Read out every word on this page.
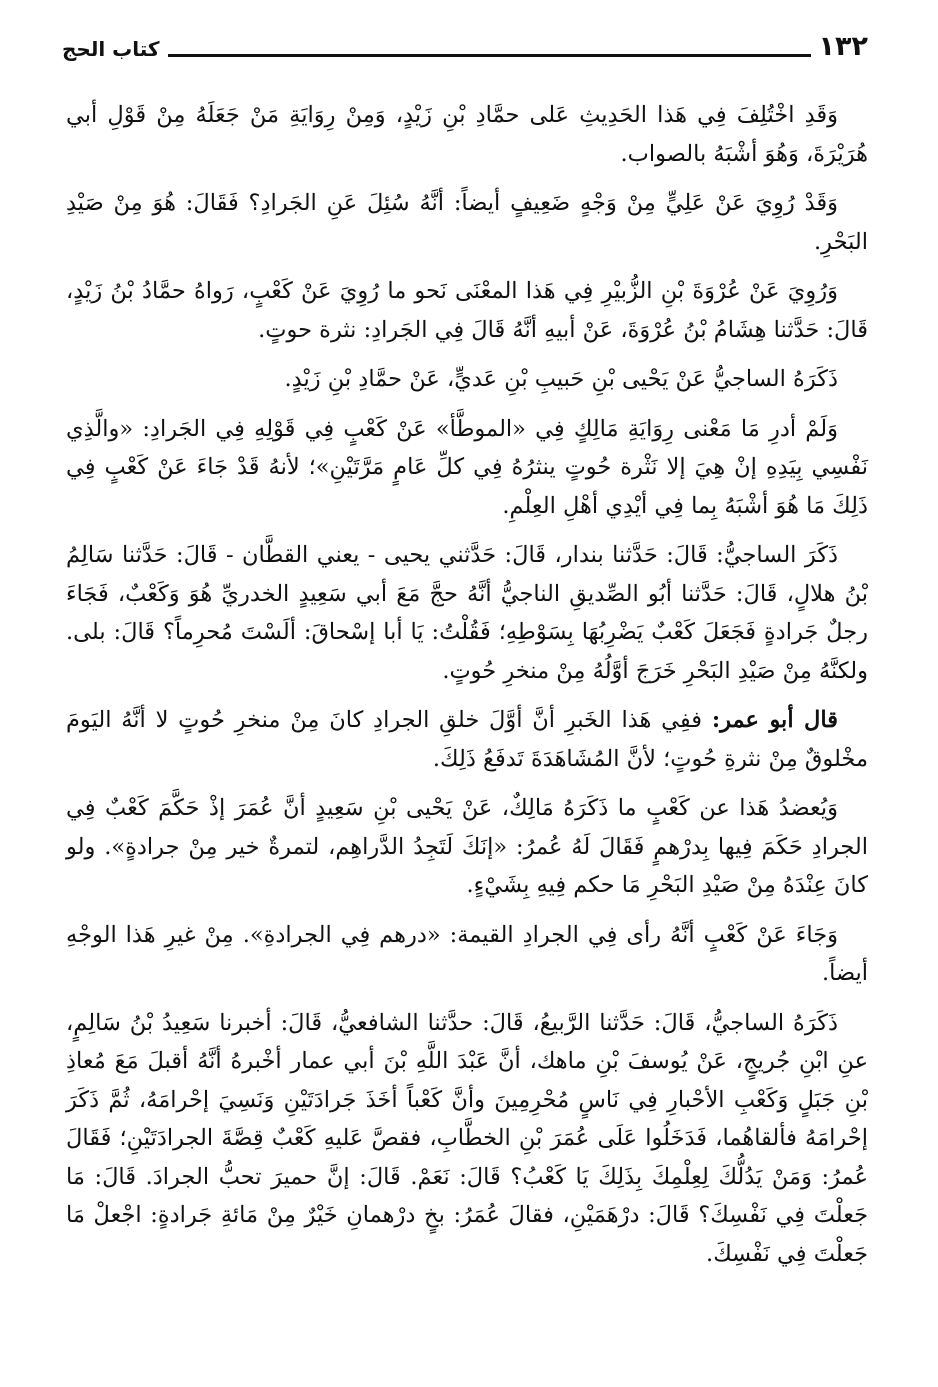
١٣٢
كتاب الحج

وَقَدِ اخْتُلِفَ فِي هَذا الحَدِيثِ عَلى حمَّادِ بْنِ زَيْدٍ، وَمِنْ رِوَايَةِ مَنْ جَعَلَهُ مِنْ قَوْلِ أبي هُرَيْرَةَ، وَهُوَ أشْبَهُ بالصواب.

وَقَدْ رُوِيَ عَنْ عَلِيٍّ مِنْ وَجْهٍ ضَعِيفٍ أيضاً: أنَّهُ سُئِلَ عَنِ الجَرادِ؟ فَقَالَ: هُوَ مِنْ صَيْدِ البَحْرِ.

وَرُوِيَ عَنْ عُرْوَةَ بْنِ الزُّبيْرِ فِي هَذا المعْنَى نَحو ما رُوِيَ عَنْ كَعْبٍ، رَواهُ حمَّادُ بْنُ زَيْدٍ، قَالَ: حَدَّثنا هِشَامُ بْنُ عُرْوَةَ، عَنْ أبيهِ أنَّهُ قَالَ فِي الجَرادِ: نثرة حوتٍ.

ذَكَرَهُ الساجيُّ عَنْ يَحْيى بْنِ حَبيبِ بْنِ عَديٍّ، عَنْ حمَّادِ بْنِ زَيْدٍ.

وَلَمْ أدرِ مَا مَعْنى رِوَايَةِ مَالِكٍ فِي «الموطَّأ» عَنْ كَعْبٍ فِي قَوْلِهِ فِي الجَرادِ: «والَّذِي نَفْسِي بِيَدِهِ إنْ هِيَ إلا نَثْرة حُوتٍ ينثرُهُ فِي كلِّ عَامٍ مَرَّتَيْنِ»؛ لأنهُ قَدْ جَاءَ عَنْ كَعْبٍ فِي ذَلِكَ مَا هُوَ أشْبَهُ بِما فِي أيْدِي أهْلِ العِلْمِ.

ذَكَرَ الساجيُّ: قَالَ: حَدَّثنا بندار، قَالَ: حَدَّثني يحيى - يعني القطَّان - قَالَ: حَدَّثنا سَالِمُ بْنُ هلالٍ، قَالَ: حَدَّثنا أبُو الصِّديقِ الناجيُّ أنَّهُ حجَّ مَعَ أبي سَعِيدٍ الخدريِّ هُوَ وَكَعْبٌ، فَجَاءَ رجلٌ جَرادةٍ فَجَعَلَ كَعْبٌ يَضْرِبُهَا بِسَوْطِهِ؛ فَقُلْتُ: يَا أبا إسْحاقَ: ألَسْتَ مُحرِماً؟ قَالَ: بلى. ولكنَّهُ مِنْ صَيْدِ البَحْرِ خَرَجَ أوَّلُهُ مِنْ منخرِ حُوتٍ.

قال أبو عمر: ففِي هَذا الخَبرِ أنَّ أوَّلَ خلقِ الجرادِ كانَ مِنْ منخرِ حُوتٍ لا أنَّهُ اليَومَ مخْلوقٌ مِنْ نثرةِ حُوتٍ؛ لأنَّ المُشَاهَدَةَ تَدفَعُ ذَلِكَ.

وَيُعضدُ هَذا عن كَعْبٍ ما ذَكَرَهُ مَالِكٌ، عَنْ يَحْيى بْنِ سَعِيدٍ أنَّ عُمَرَ إذْ حَكَّمَ كَعْبٌ فِي الجرادِ حَكَمَ فِيها بِدرْهمٍ فَقَالَ لَهُ عُمرُ: «إنَكَ لَتَجِدُ الدَّراهِم، لتمرةٌ خير مِنْ جرادةٍ». ولو كانَ عِنْدَهُ مِنْ صَيْدِ البَحْرِ مَا حكم فِيهِ بِشَيْءٍ.

وَجَاءَ عَنْ كَعْبٍ أنَّهُ رأى فِي الجرادِ القيمة: «درهم فِي الجرادةِ». مِنْ غيرِ هَذا الوجْهِ أيضاً.

ذَكَرَهُ الساجيُّ، قَالَ: حَدَّثنا الرَّبيعُ، قَالَ: حدَّثنا الشافعيُّ، قَالَ: أخبرنا سَعِيدُ بْنُ سَالِمٍ، عنِ ابْنِ جُريجٍ، عَنْ يُوسفَ بْنِ ماهك، أنَّ عَبْدَ اللَّهِ بْنَ أبي عمار أخْبرهُ أنَّهُ أقبلَ مَعَ مُعاذِ بْنِ جَبَلٍ وَكَعْبِ الأحْبارِ فِي نَاسٍ مُحْرِمِينَ وأنَّ كَعْباً أخَذَ جَرادَتَيْنِ وَنَسِيَ إحْرامَهُ، ثُمَّ ذَكَرَ إحْرامَهُ فألقاهُما، فَدَخَلُوا عَلَى عُمَرَ بْنِ الخطَّابِ، فقصَّ عَليهِ كَعْبٌ قِصَّةَ الجرادَتَيْنِ؛ فَقَالَ عُمرُ: وَمَنْ يَدُلُّكَ لِعِلْمِكَ بِذَلِكَ يَا كَعْبُ؟ قَالَ: نَعَمْ. قَالَ: إنَّ حميرَ تحبُّ الجرادَ. قَالَ: مَا جَعلْتَ فِي نَفْسِكَ؟ قَالَ: درْهَمَيْنِ، فقالَ عُمَرُ: بخٍ درْهمانِ خَيْرٌ مِنْ مَائةِ جَرادةٍ: اجْعلْ مَا جَعلْتَ فِي نَفْسِكَ.
